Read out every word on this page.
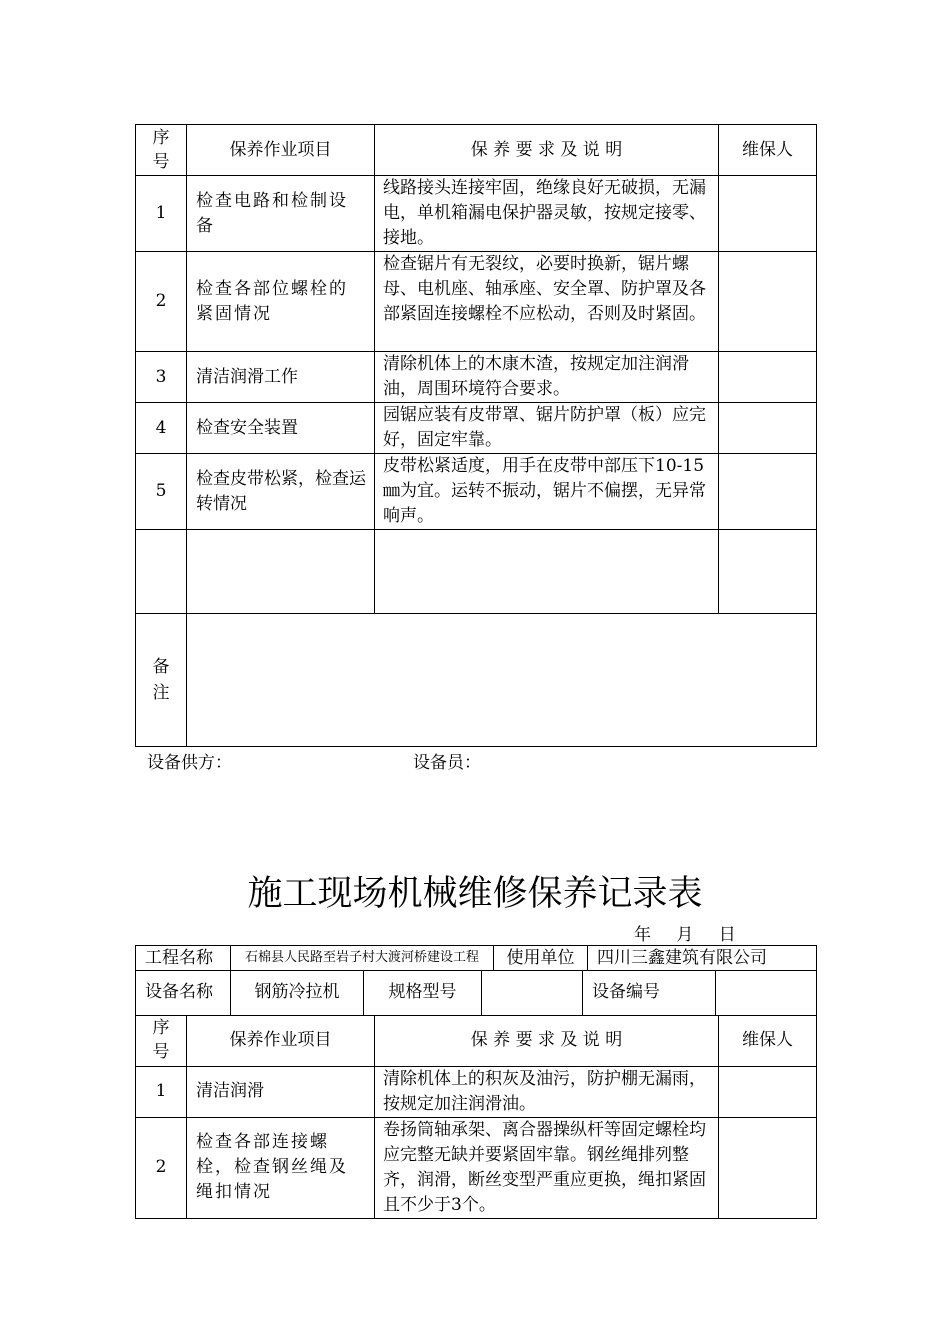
序号	保养作业项目	保 养 要 求 及 说 明	维保人
1	检查电路和检制设备	线路接头连接牢固，绝缘良好无破损，无漏电，单机箱漏电保护器灵敏，按规定接零、接地。	
2	检查各部位螺栓的紧固情况	检查锯片有无裂纹，必要时换新，锯片螺母、电机座、轴承座、安全罩、防护罩及各部紧固连接螺栓不应松动，否则及时紧固。	
3	清洁润滑工作	清除机体上的木康木渣，按规定加注润滑油，周围环境符合要求。	
4	检查安全装置	园锯应装有皮带罩、锯片防护罩（板）应完好，固定牢靠。	
5	检查皮带松紧，检查运转情况	皮带松紧适度，用手在皮带中部压下10-15㎜为宜。运转不振动，锯片不偏摆，无异常响声。	

备注			

设备供方：	设备员：
施工现场机械维修保养记录表
年 月 日
工程名称	石棉县人民路至岩子村大渡河桥建设工程	使用单位	四川三鑫建筑有限公司
设备名称	钢筋冷拉机	规格型号		设备编号	
序号	保养作业项目	保 养 要 求 及 说 明	维保人
1	清洁润滑	清除机体上的积灰及油污，防护棚无漏雨，按规定加注润滑油。	
2	检查各部连接螺栓，检查钢丝绳及绳扣情况	卷扬筒轴承架、离合器操纵杆等固定螺栓均应完整无缺并要紧固牢靠。钢丝绳排列整齐，润滑，断丝变型严重应更换，绳扣紧固且不少于3个。	
